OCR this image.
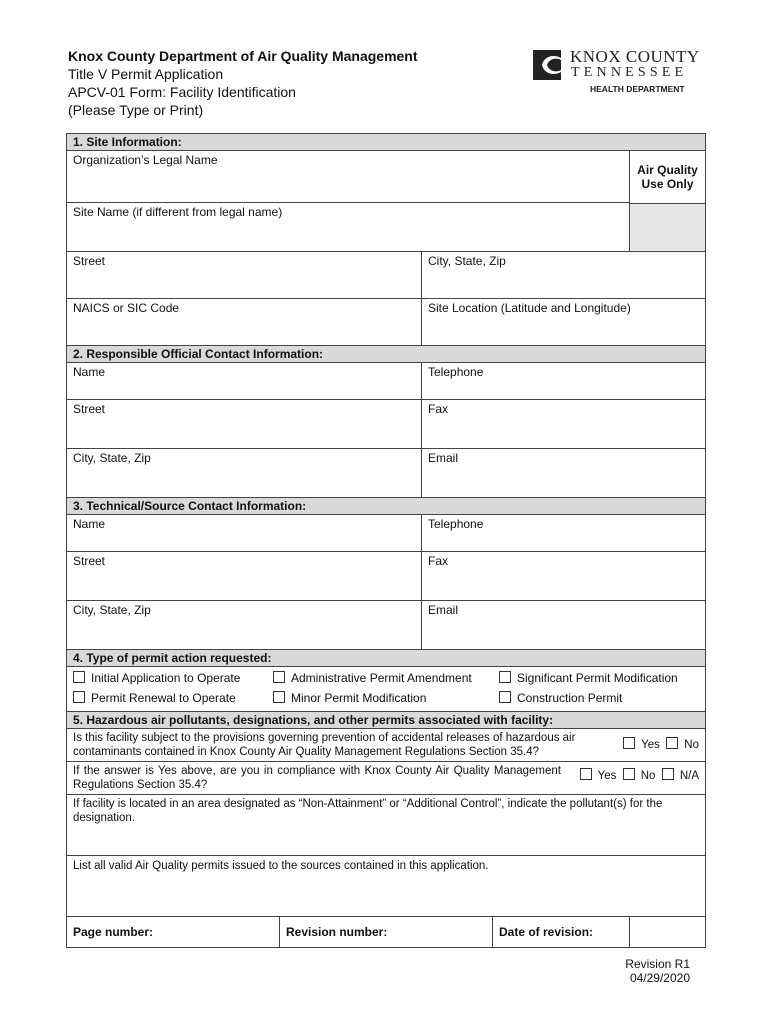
Knox County Department of Air Quality Management
Title V Permit Application
APCV-01 Form: Facility Identification
(Please Type or Print)
KNOX COUNTY
TENNESSEE
HEALTH DEPARTMENT
1. Site Information:
Organization’s Legal Name	
Air Quality Use Only

Site Name (if different from legal name)
Street	City, State, Zip
NAICS or SIC Code	Site Location (Latitude and Longitude)
2. Responsible Official Contact Information:
Name	Telephone
Street	Fax
City, State, Zip	Email
3. Technical/Source Contact Information:
Name	Telephone
Street	Fax
City, State, Zip	Email
4. Type of permit action requested:

Initial Application to Operate	Administrative Permit Amendment	Significant Permit Modification

Permit Renewal to Operate	Minor Permit Modification	Construction Permit

5. Hazardous air pollutants, designations, and other permits associated with facility:

Is this facility subject to the provisions governing prevention of accidental releases of hazardous air contaminants contained in Knox County Air Quality Management Regulations Section 35.4?
Yes No

If the answer is Yes above, are you in compliance with Knox County Air Quality Management Regulations Section 35.4?
Yes No N/A

If facility is located in an area designated as “Non-Attainment” or “Additional Control”, indicate the pollutant(s) for the designation.
List all valid Air Quality permits issued to the sources contained in this application.
Page number:		Revision number:	Date of revision:

Revision R1
04/29/2020
